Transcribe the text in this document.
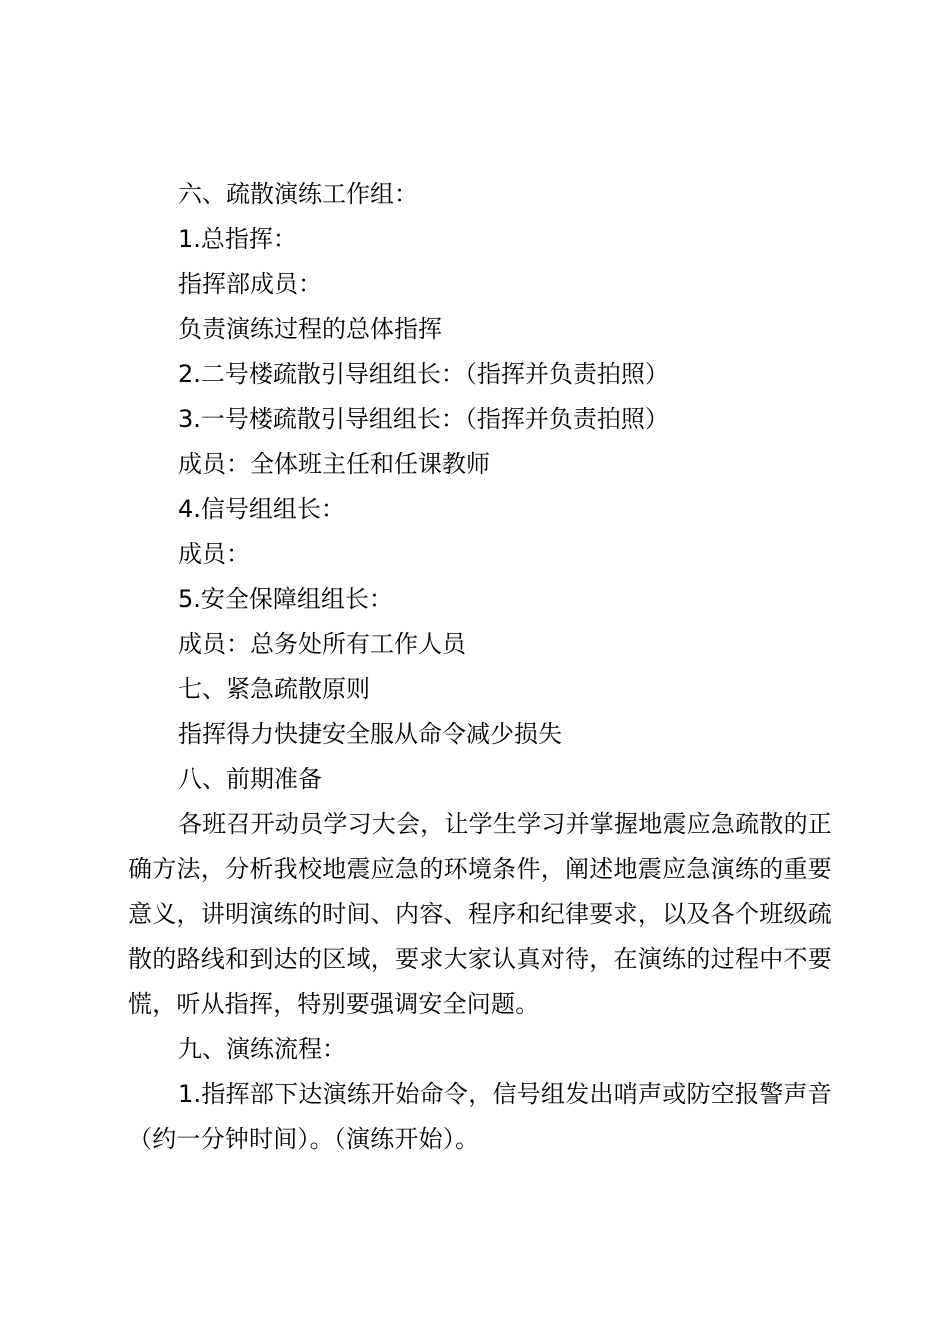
六、疏散演练工作组：

1.总指挥：

指挥部成员：

负责演练过程的总体指挥

2.二号楼疏散引导组组长：（指挥并负责拍照）

3.一号楼疏散引导组组长：（指挥并负责拍照）

成员：全体班主任和任课教师

4.信号组组长：

成员：

5.安全保障组组长：

成员：总务处所有工作人员

七、紧急疏散原则

指挥得力快捷安全服从命令减少损失

八、前期准备

各班召开动员学习大会，让学生学习并掌握地震应急疏散的正确方法，分析我校地震应急的环境条件，阐述地震应急演练的重要意义，讲明演练的时间、内容、程序和纪律要求，以及各个班级疏散的路线和到达的区域，要求大家认真对待，在演练的过程中不要慌，听从指挥，特别要强调安全问题。

九、演练流程：

1.指挥部下达演练开始命令，信号组发出哨声或防空报警声音（约一分钟时间）。（演练开始）。
